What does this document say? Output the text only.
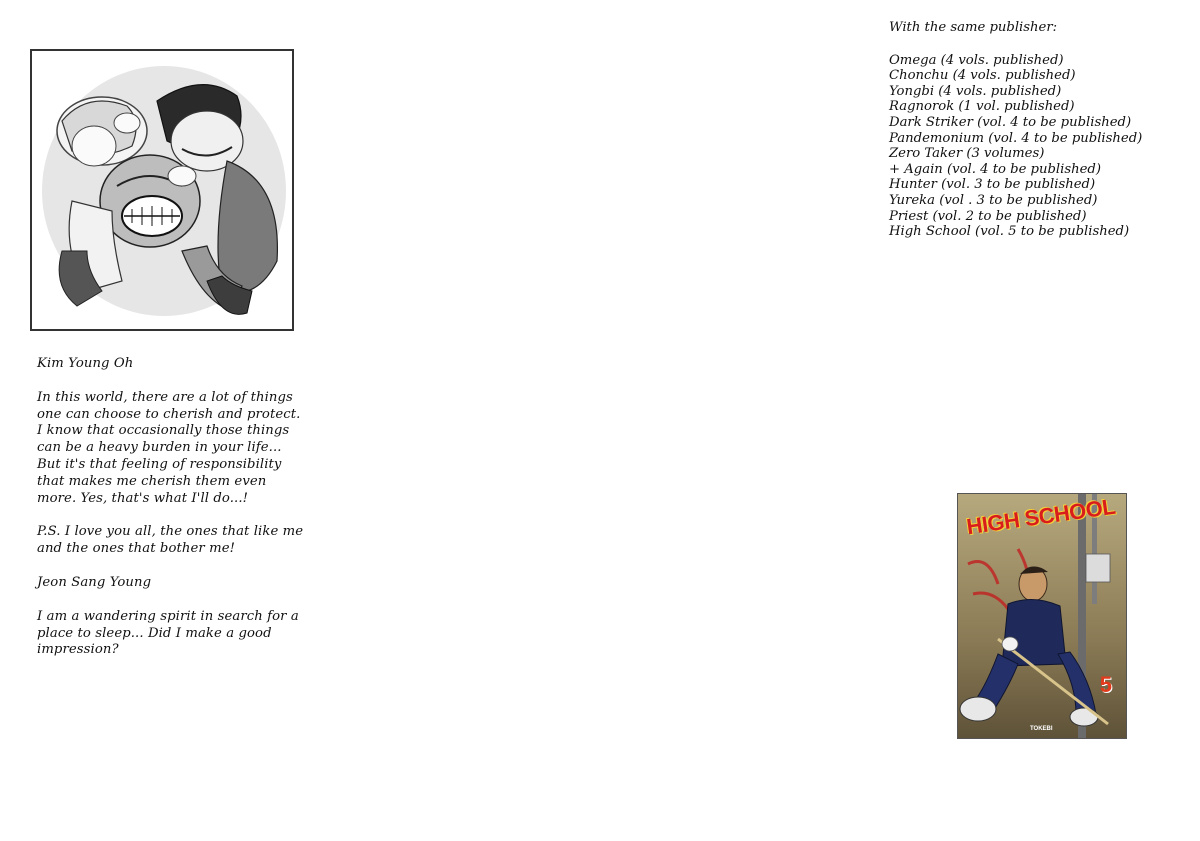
Kim Young Oh

In this world, there are a lot of things one can choose to cherish and protect. I know that occasionally those things can be a heavy burden in your life... But it's that feeling of responsibility that makes me cherish them even more. Yes, that's what I'll do...!

P.S. I love you all, the ones that like me and the ones that bother me!

Jeon Sang Young

I am a wandering spirit in search for a place to sleep... Did I make a good impression?

With the same publisher:
Omega (4 vols. published)
Chonchu (4 vols. published)
Yongbi (4 vols. published)
Ragnorok (1 vol. published)
Dark Striker (vol. 4 to be published)
Pandemonium (vol. 4 to be published)
Zero Taker (3 volumes)
+ Again (vol. 4 to be published)
Hunter (vol. 3 to be published)
Yureka (vol . 3 to be published)
Priest (vol. 2 to be published)
High School (vol. 5 to be published)
HIGH SCHOOL
5
TOKEBI
